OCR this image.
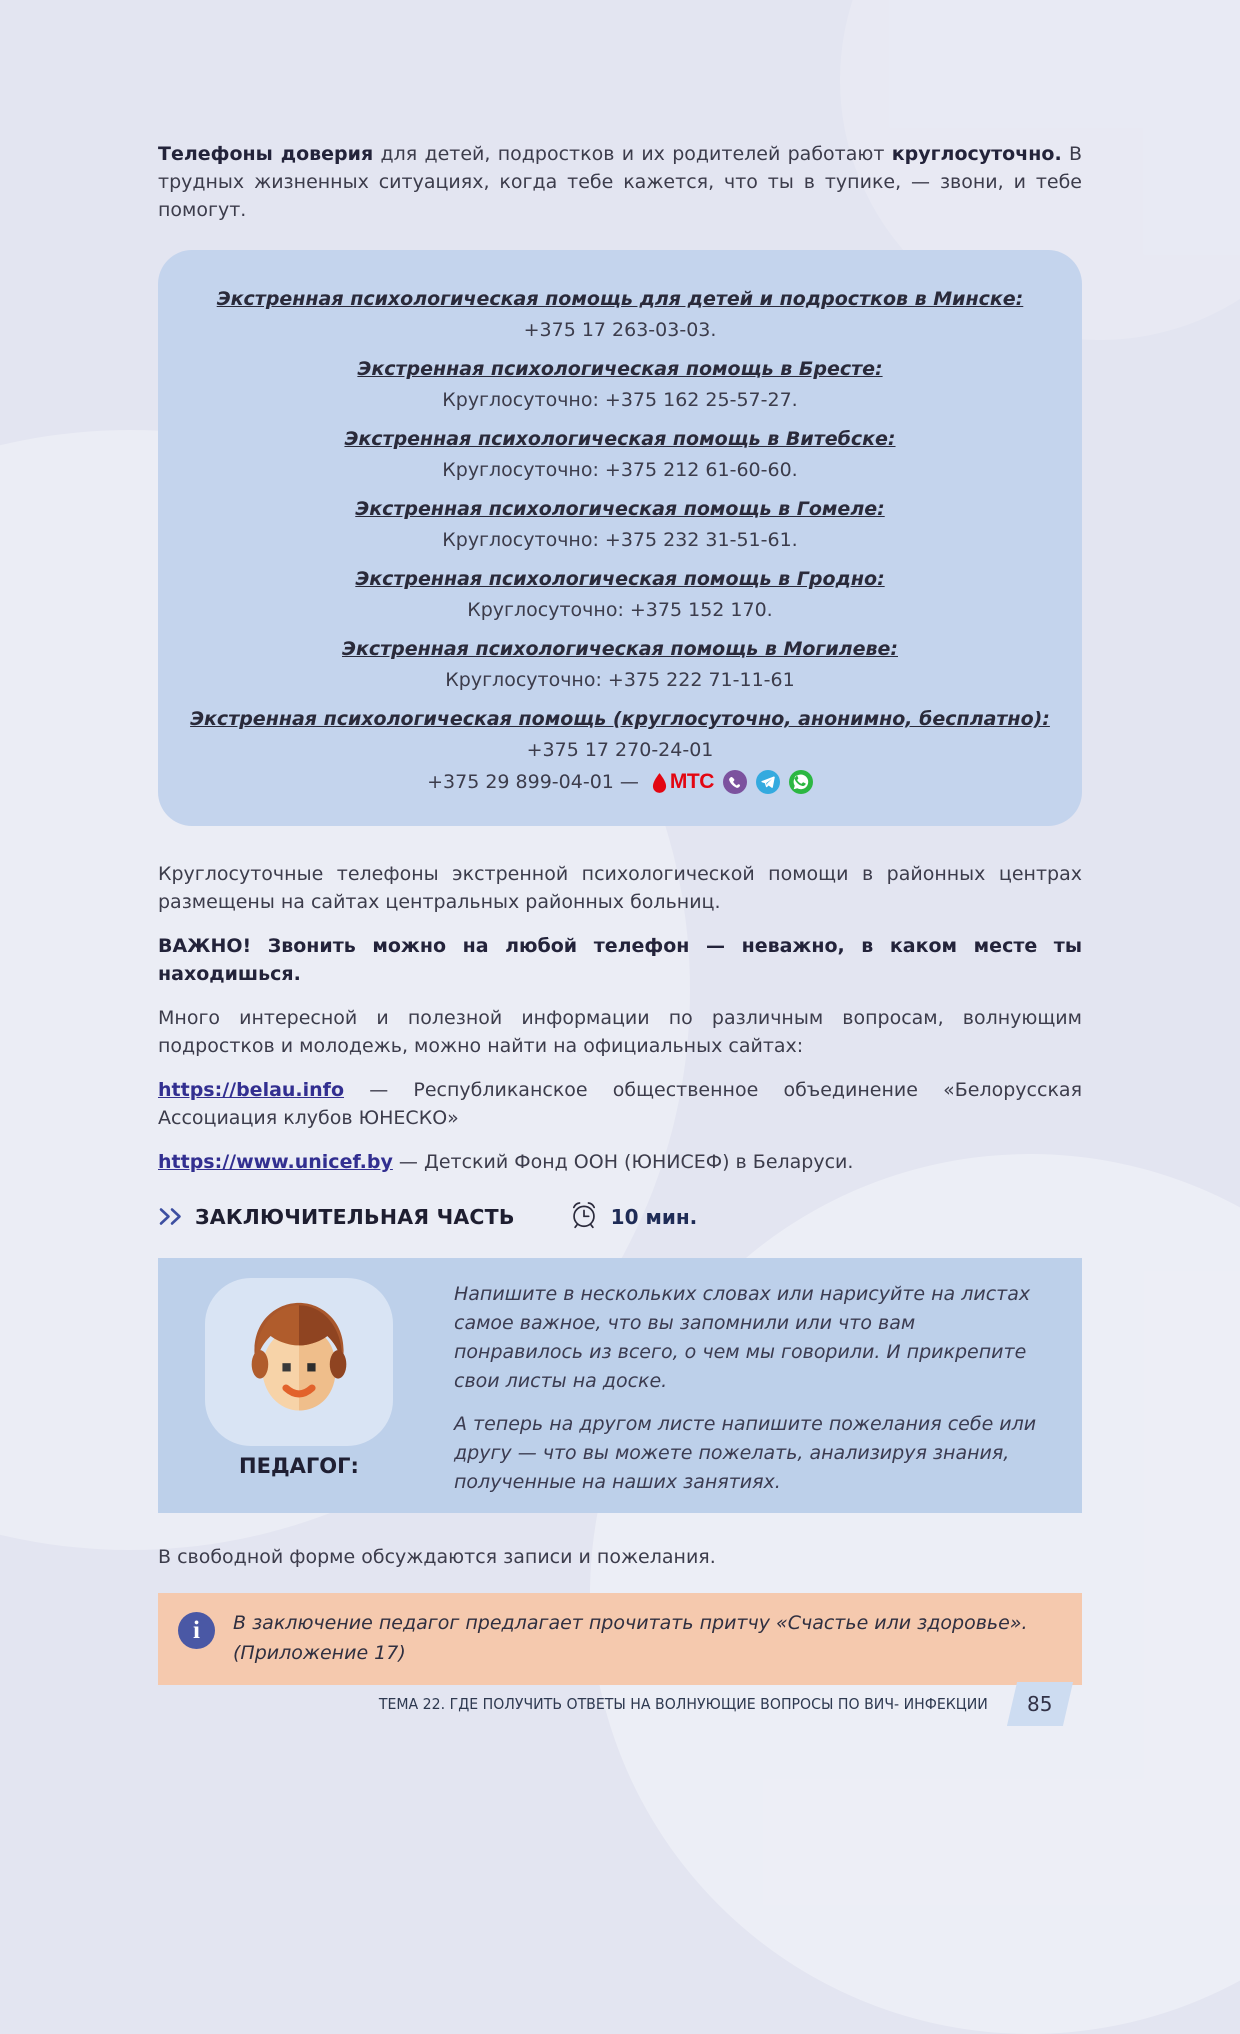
Телефоны доверия для детей, подростков и их родителей работают круглосуточно. В трудных жизненных ситуациях, когда тебе кажется, что ты в тупике, — звони, и тебе помогут.

Экстренная психологическая помощь для детей и подростков в Минске:
+375 17 263-03-03.
Экстренная психологическая помощь в Бресте:
Круглосуточно: +375 162 25-57-27.
Экстренная психологическая помощь в Витебске:
Круглосуточно: +375 212 61-60-60.
Экстренная психологическая помощь в Гомеле:
Круглосуточно: +375 232 31-51-61.
Экстренная психологическая помощь в Гродно:
Круглосуточно: +375 152 170.
Экстренная психологическая помощь в Могилеве:
Круглосуточно: +375 222 71-11-61
Экстренная психологическая помощь (круглосуточно, анонимно, бесплатно):
+375 17 270-24-01
+375 29 899-04-01 — МТС

Круглосуточные телефоны экстренной психологической помощи в районных центрах размещены на сайтах центральных районных больниц.

ВАЖНО! Звонить можно на любой телефон — неважно, в каком месте ты находишься.

Много интересной и полезной информации по различным вопросам, волнующим подростков и молодежь, можно найти на официальных сайтах:

https://belau.info — Республиканское общественное объединение «Белорусская Ассоциация клубов ЮНЕСКО»

https://www.unicef.by — Детский Фонд ООН (ЮНИСЕФ) в Беларуси.

ЗАКЛЮЧИТЕЛЬНАЯ ЧАСТЬ	10 мин.
ПЕДАГОГ:

Напишите в нескольких словах или нарисуйте на листах самое важное, что вы запомнили или что вам понравилось из всего, о чем мы говорили. И прикрепите свои листы на доске.

А теперь на другом листе напишите пожелания себе или другу — что вы можете пожелать, анализируя знания, полученные на наших занятиях.

В свободной форме обсуждаются записи и пожелания.

i	В заключение педагог предлагает прочитать притчу «Счастье или здоровье». (Приложение 17)

ТЕМА 22. ГДЕ ПОЛУЧИТЬ ОТВЕТЫ НА ВОЛНУЮЩИЕ ВОПРОСЫ ПО ВИЧ- ИНФЕКЦИИ 85
